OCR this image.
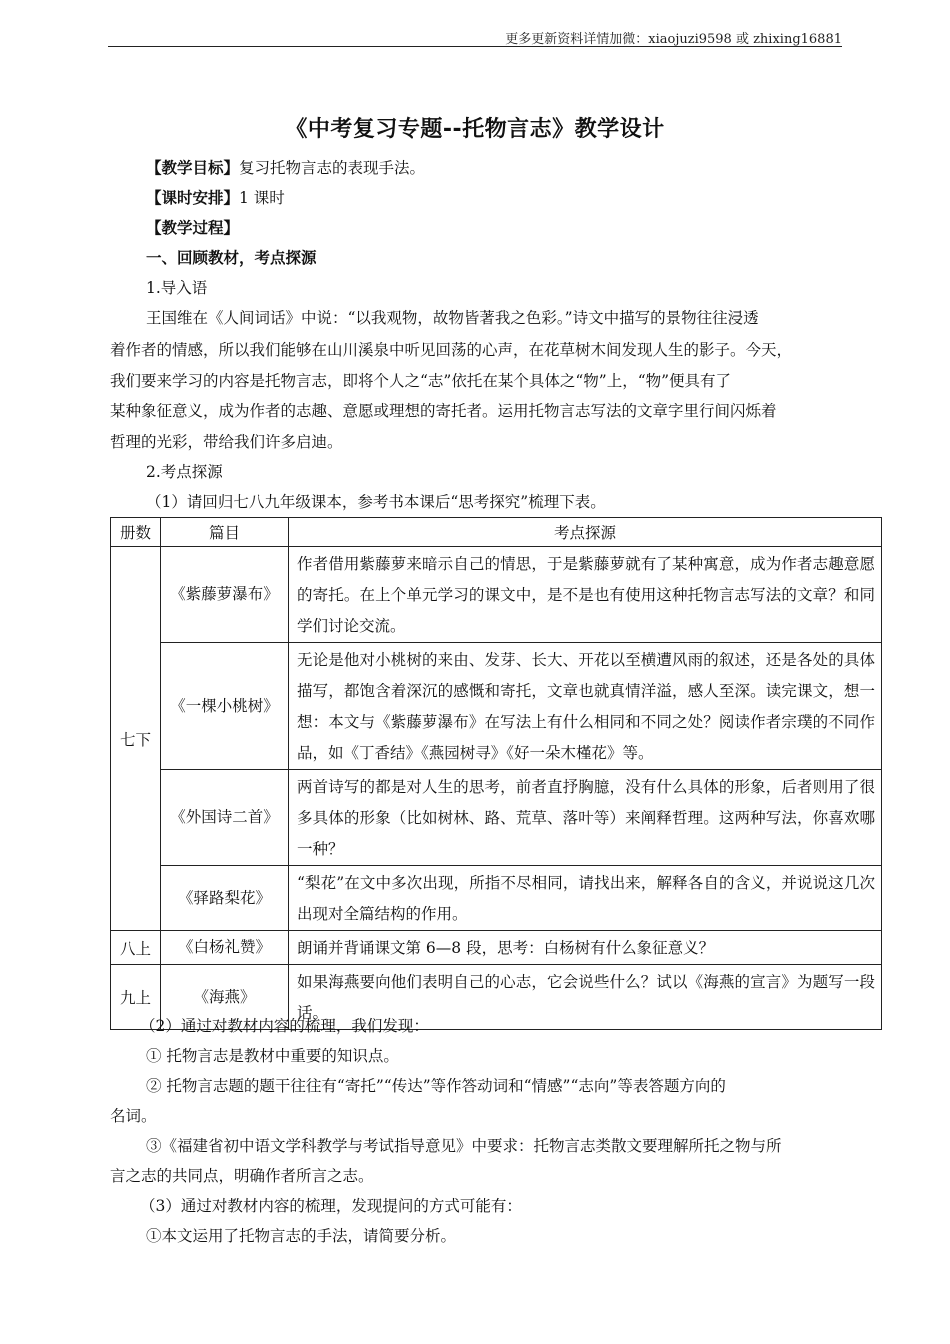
更多更新资料详情加微：xiaojuzi9598 或 zhixing16881
《中考复习专题--托物言志》教学设计
【教学目标】复习托物言志的表现手法。
【课时安排】1 课时
【教学过程】
一、回顾教材，考点探源
1.导入语
王国维在《人间词话》中说：“以我观物，故物皆著我之色彩。”诗文中描写的景物往往浸透
着作者的情感，所以我们能够在山川溪泉中听见回荡的心声，在花草树木间发现人生的影子。今天，
我们要来学习的内容是托物言志，即将个人之“志”依托在某个具体之“物”上，“物”便具有了
某种象征意义，成为作者的志趣、意愿或理想的寄托者。运用托物言志写法的文章字里行间闪烁着
哲理的光彩，带给我们许多启迪。
2.考点探源
（1）请回归七八九年级课本，参考书本课后“思考探究”梳理下表。
册数	篇目	考点探源
七下	《紫藤萝瀑布》	作者借用紫藤萝来暗示自己的情思，于是紫藤萝就有了某种寓意，成为作者志趣意愿的寄托。在上个单元学习的课文中，是不是也有使用这种托物言志写法的文章？和同学们讨论交流。
	《一棵小桃树》	无论是他对小桃树的来由、发芽、长大、开花以至横遭风雨的叙述，还是各处的具体描写，都饱含着深沉的感慨和寄托，文章也就真情洋溢，感人至深。读完课文，想一想：本文与《紫藤萝瀑布》在写法上有什么相同和不同之处？阅读作者宗璞的不同作品，如《丁香结》《燕园树寻》《好一朵木槿花》等。
	《外国诗二首》	两首诗写的都是对人生的思考，前者直抒胸臆，没有什么具体的形象，后者则用了很多具体的形象（比如树林、路、荒草、落叶等）来阐释哲理。这两种写法，你喜欢哪一种？
	《驿路梨花》	“梨花”在文中多次出现，所指不尽相同，请找出来，解释各自的含义，并说说这几次出现对全篇结构的作用。
八上	《白杨礼赞》	朗诵并背诵课文第 6—8 段，思考：白杨树有什么象征意义？
九上	《海燕》	如果海燕要向他们表明自己的心志，它会说些什么？试以《海燕的宣言》为题写一段话。
（2）通过对教材内容的梳理，我们发现：
① 托物言志是教材中重要的知识点。
② 托物言志题的题干往往有“寄托”“传达”等作答动词和“情感”“志向”等表答题方向的
名词。
③《福建省初中语文学科教学与考试指导意见》中要求：托物言志类散文要理解所托之物与所
言之志的共同点，明确作者所言之志。
（3）通过对教材内容的梳理，发现提问的方式可能有：
①本文运用了托物言志的手法，请简要分析。
